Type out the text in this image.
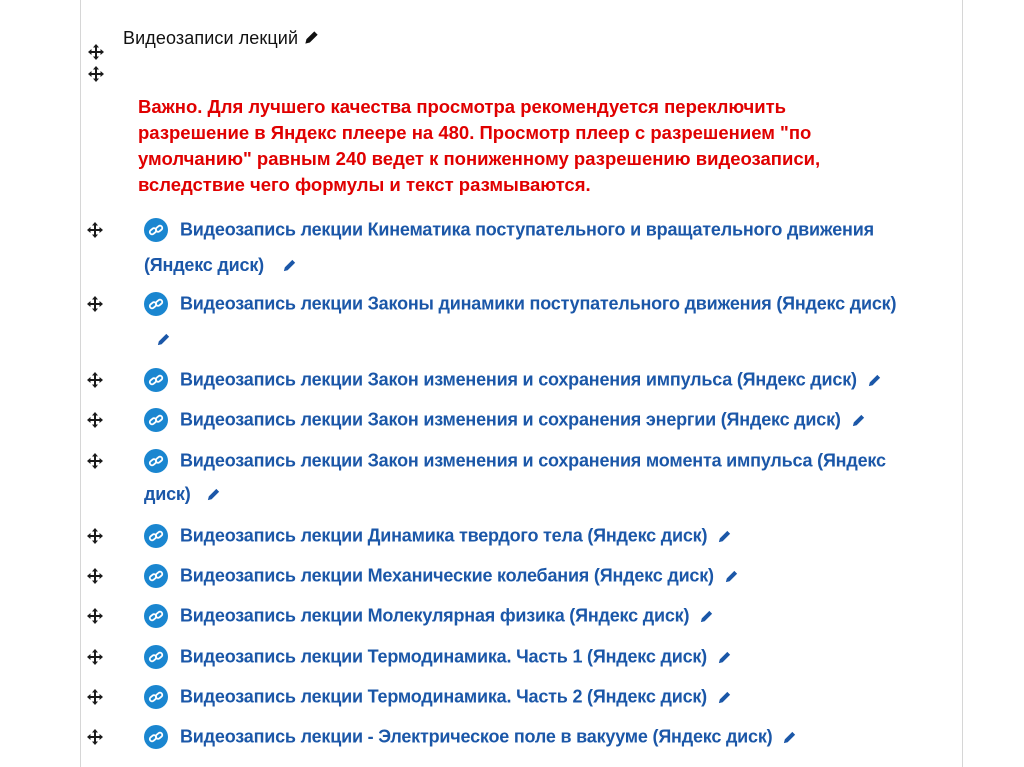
Видеозаписи лекций
Важно. Для лучшего качества просмотра рекомендуется переключить
разрешение в Яндекс плеере на 480. Просмотр плеер с разрешением "по
умолчанию" равным 240 ведет к пониженному разрешению видеозаписи,
вследствие чего формулы и текст размываются.
Видеозапись лекции Кинематика поступательного и вращательного движения
(Яндекс диск)
Видеозапись лекции Законы динамики поступательного движения (Яндекс диск)
Видеозапись лекции Закон изменения и сохранения импульса (Яндекс диск)
Видеозапись лекции Закон изменения и сохранения энергии (Яндекс диск)
Видеозапись лекции Закон изменения и сохранения момента импульса (Яндекс
диск)
Видеозапись лекции Динамика твердого тела (Яндекс диск)
Видеозапись лекции Механические колебания (Яндекс диск)
Видеозапись лекции Молекулярная физика (Яндекс диск)
Видеозапись лекции Термодинамика. Часть 1 (Яндекс диск)
Видеозапись лекции Термодинамика. Часть 2 (Яндекс диск)
Видеозапись лекции - Электрическое поле в вакууме (Яндекс диск)
